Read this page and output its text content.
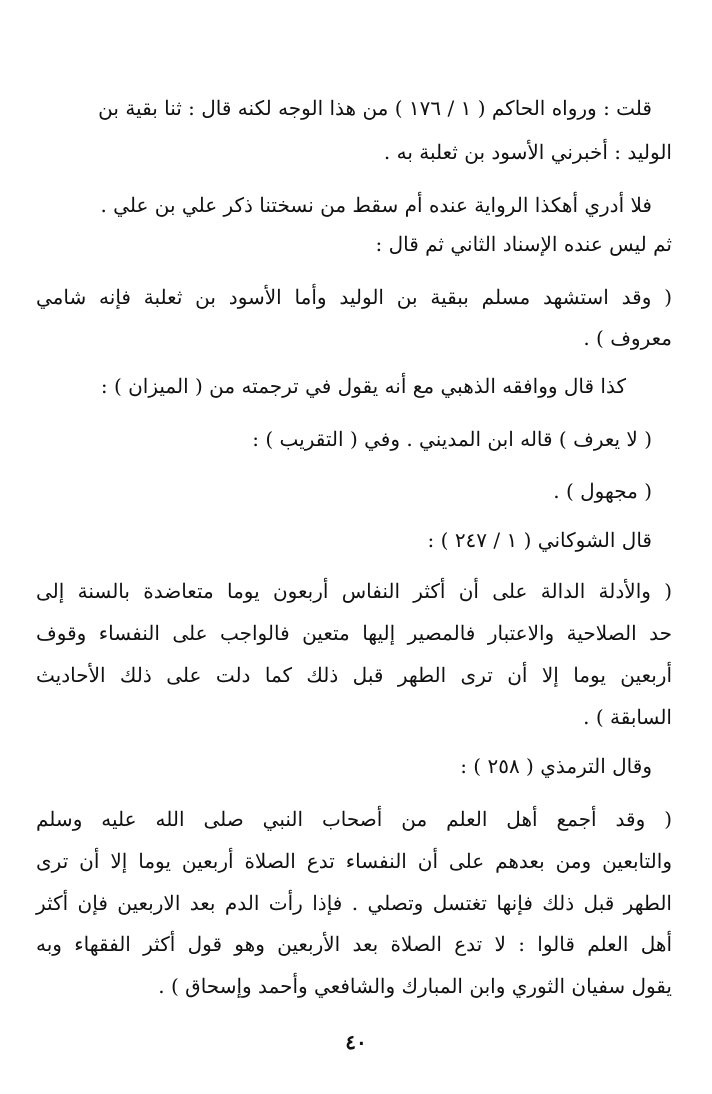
قلت : ورواه الحاكم ( ١ / ١٧٦ ) من هذا الوجه لكنه قال : ثنا بقية بن
الوليد : أخبرني الأسود بن ثعلبة به .
فلا أدري أهكذا الرواية عنده أم سقط من نسختنا ذكر علي بن علي .
ثم ليس عنده الإسناد الثاني ثم قال :
( وقد استشهد مسلم ببقية بن الوليد وأما الأسود بن ثعلبة فإنه شامي
معروف ) .
كذا قال ووافقه الذهبي مع أنه يقول في ترجمته من ( الميزان ) :
( لا يعرف ) قاله ابن المديني . وفي ( التقريب ) :
( مجهول ) .
قال الشوكاني ( ١ / ٢٤٧ ) :
( والأدلة الدالة على أن أكثر النفاس أربعون يوما متعاضدة بالسنة إلى
حد الصلاحية والاعتبار فالمصير إليها متعين فالواجب على النفساء وقوف
أربعين يوما إلا أن ترى الطهر قبل ذلك كما دلت على ذلك الأحاديث
السابقة ) .
وقال الترمذي ( ٢٥٨ ) :
( وقد أجمع أهل العلم من أصحاب النبي صلى الله عليه وسلم
والتابعين ومن بعدهم على أن النفساء تدع الصلاة أربعين يوما إلا أن ترى
الطهر قبل ذلك فإنها تغتسل وتصلي . فإذا رأت الدم بعد الاربعين فإن أكثر
أهل العلم قالوا : لا تدع الصلاة بعد الأربعين وهو قول أكثر الفقهاء وبه
يقول سفيان الثوري وابن المبارك والشافعي وأحمد وإسحاق ) .
٤٠
